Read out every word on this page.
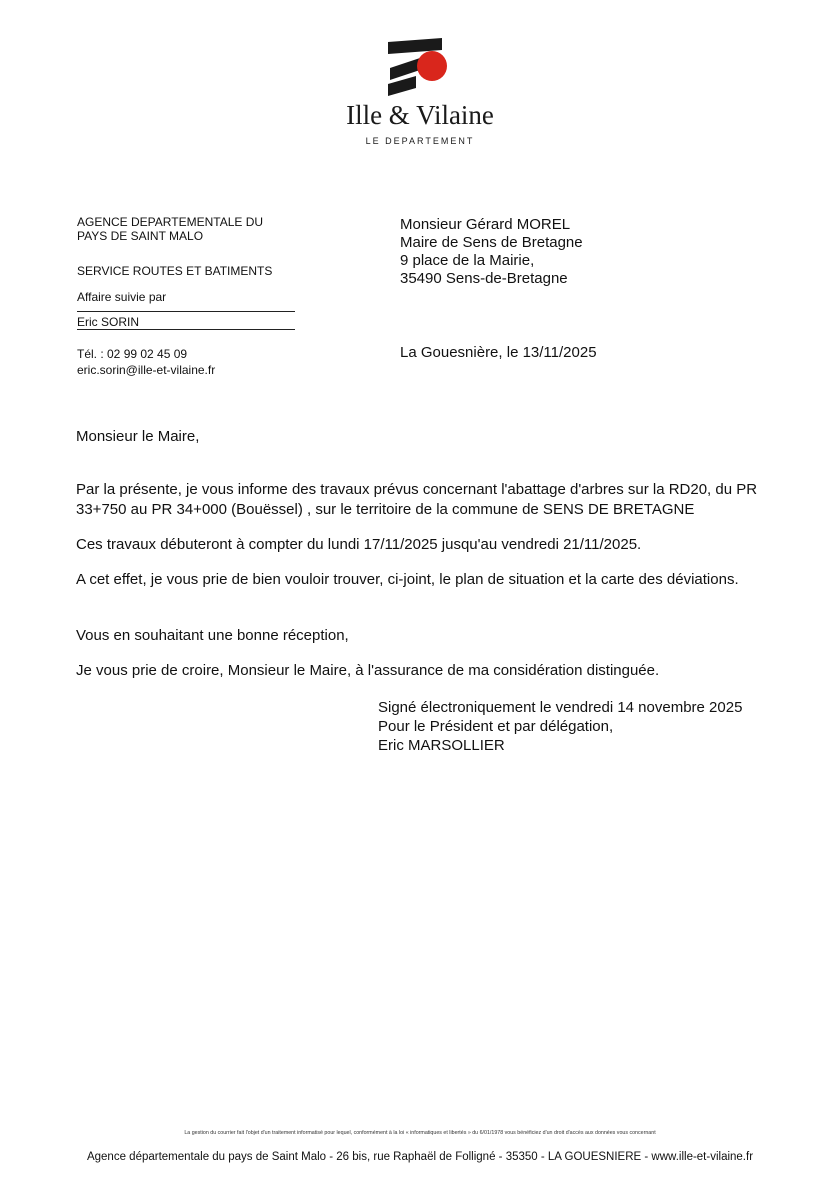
Ille & Vilaine
LE DEPARTEMENT
AGENCE DEPARTEMENTALE DU
PAYS DE SAINT MALO
SERVICE ROUTES ET BATIMENTS
Affaire suivie par
Eric SORIN
Tél. : 02 99 02 45 09
eric.sorin@ille-et-vilaine.fr
Monsieur Gérard MOREL
Maire de Sens de Bretagne
9 place de la Mairie,
35490 Sens-de-Bretagne
La Gouesnière, le 13/11/2025
Monsieur le Maire,
Par la présente, je vous informe des travaux prévus concernant l'abattage d'arbres sur la RD20, du PR 33+750 au PR 34+000 (Bouëssel) , sur le territoire de la commune de SENS DE BRETAGNE
Ces travaux débuteront à compter du lundi 17/11/2025 jusqu'au vendredi 21/11/2025.
A cet effet, je vous prie de bien vouloir trouver, ci-joint, le plan de situation et la carte des déviations.
Vous en souhaitant une bonne réception,
Je vous prie de croire, Monsieur le Maire, à l'assurance de ma considération distinguée.
Signé électroniquement le vendredi 14 novembre 2025
Pour le Président et par délégation,
Eric MARSOLLIER
La gestion du courrier fait l'objet d'un traitement informatisé pour lequel, conformément à la loi « informatiques et libertés » du 6/01/1978 vous bénéficiez d'un droit d'accès aux données vous concernant
Agence départementale du pays de Saint Malo - 26 bis, rue Raphaël de Folligné - 35350 - LA GOUESNIERE - www.ille-et-vilaine.fr
